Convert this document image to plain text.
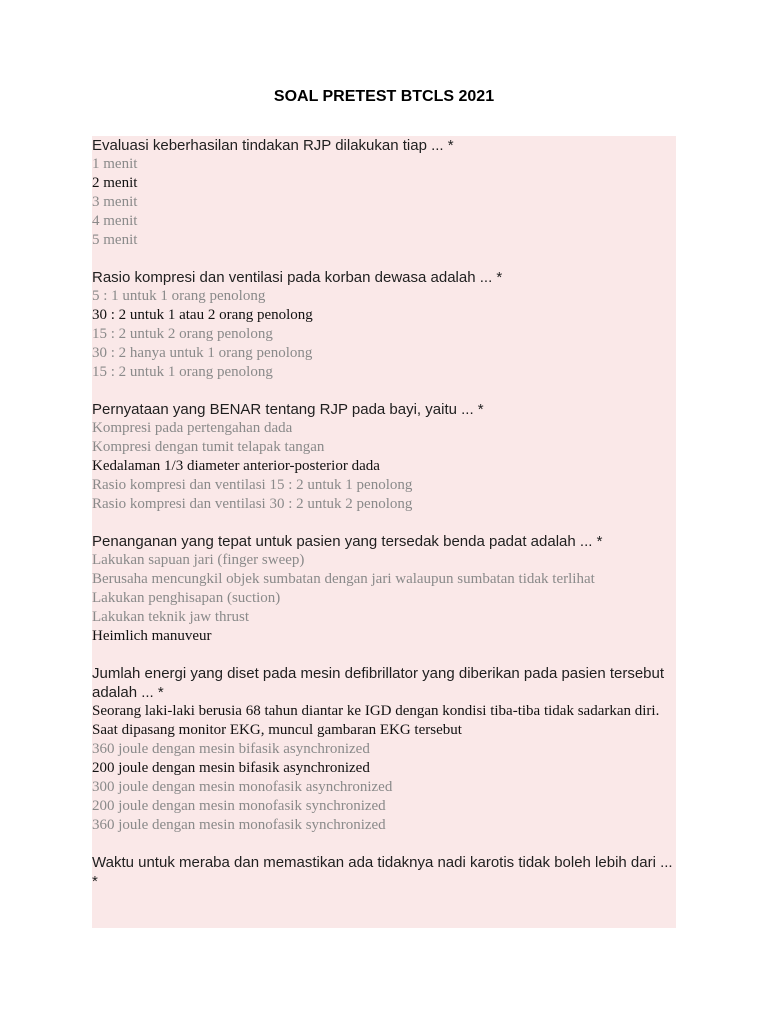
SOAL PRETEST BTCLS 2021
Evaluasi keberhasilan tindakan RJP dilakukan tiap ... *
1 menit
2 menit
3 menit
4 menit
5 menit
Rasio kompresi dan ventilasi pada korban dewasa adalah ... *
5 : 1 untuk 1 orang penolong
30 : 2 untuk 1 atau 2 orang penolong
15 : 2 untuk 2 orang penolong
30 : 2 hanya untuk 1 orang penolong
15 : 2 untuk 1 orang penolong
Pernyataan yang BENAR tentang RJP pada bayi, yaitu ... *
Kompresi pada pertengahan dada
Kompresi dengan tumit telapak tangan
Kedalaman 1/3 diameter anterior-posterior dada
Rasio kompresi dan ventilasi 15 : 2 untuk 1 penolong
Rasio kompresi dan ventilasi 30 : 2 untuk 2 penolong
Penanganan yang tepat untuk pasien yang tersedak benda padat adalah ... *
Lakukan sapuan jari (finger sweep)
Berusaha mencungkil objek sumbatan dengan jari walaupun sumbatan tidak terlihat
Lakukan penghisapan (suction)
Lakukan teknik jaw thrust
Heimlich manuveur
Jumlah energi yang diset pada mesin defibrillator yang diberikan pada pasien tersebut adalah ... *
Seorang laki-laki berusia 68 tahun diantar ke IGD dengan kondisi tiba-tiba tidak sadarkan diri. Saat dipasang monitor EKG, muncul gambaran EKG tersebut
360 joule dengan mesin bifasik asynchronized
200 joule dengan mesin bifasik asynchronized
300 joule dengan mesin monofasik asynchronized
200 joule dengan mesin monofasik synchronized
360 joule dengan mesin monofasik synchronized
Waktu untuk meraba dan memastikan ada tidaknya nadi karotis tidak boleh lebih dari ... *
